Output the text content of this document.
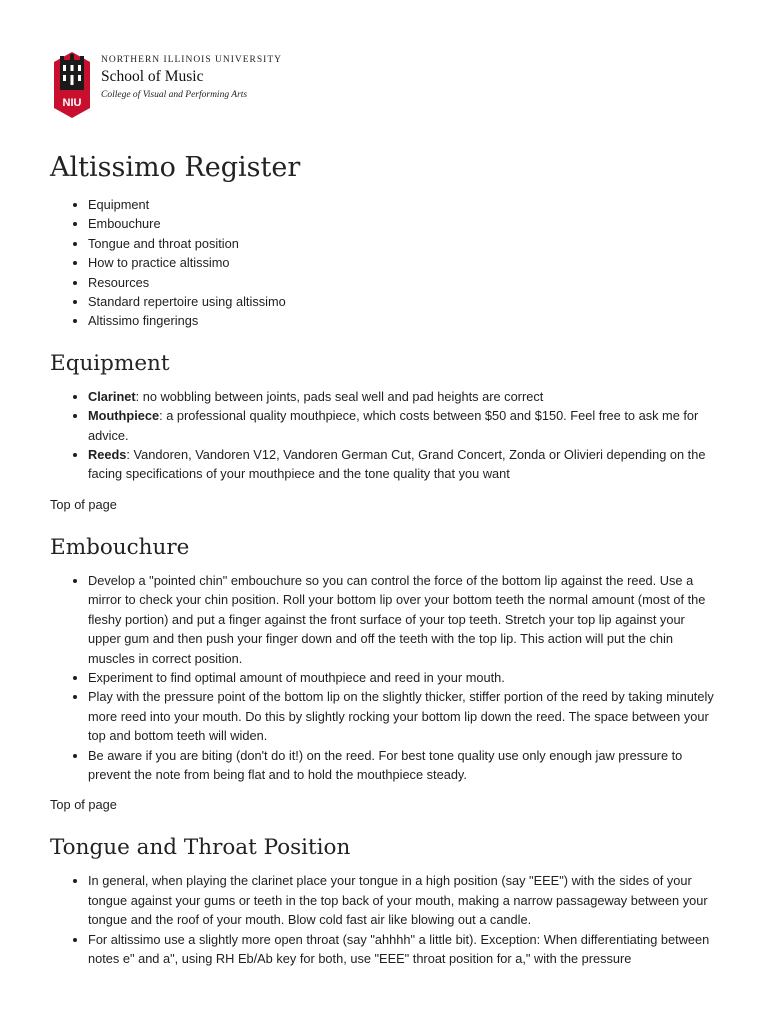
NIU
NORTHERN ILLINOIS UNIVERSITY
School of Music
College of Visual and Performing Arts
Altissimo Register
• Equipment
• Embouchure
• Tongue and throat position
• How to practice altissimo
• Resources
• Standard repertoire using altissimo
• Altissimo fingerings
Equipment
• Clarinet: no wobbling between joints, pads seal well and pad heights are correct
• Mouthpiece: a professional quality mouthpiece, which costs between $50 and $150. Feel free to ask me for advice.
• Reeds: Vandoren, Vandoren V12, Vandoren German Cut, Grand Concert, Zonda or Olivieri depending on the facing specifications of your mouthpiece and the tone quality that you want
Top of page
Embouchure
• Develop a "pointed chin" embouchure so you can control the force of the bottom lip against the reed. Use a mirror to check your chin position. Roll your bottom lip over your bottom teeth the normal amount (most of the fleshy portion) and put a finger against the front surface of your top teeth. Stretch your top lip against your upper gum and then push your finger down and off the teeth with the top lip. This action will put the chin muscles in correct position.
• Experiment to find optimal amount of mouthpiece and reed in your mouth.
• Play with the pressure point of the bottom lip on the slightly thicker, stiffer portion of the reed by taking minutely more reed into your mouth. Do this by slightly rocking your bottom lip down the reed. The space between your top and bottom teeth will widen.
• Be aware if you are biting (don't do it!) on the reed. For best tone quality use only enough jaw pressure to prevent the note from being flat and to hold the mouthpiece steady.
Top of page
Tongue and Throat Position
• In general, when playing the clarinet place your tongue in a high position (say "EEE") with the sides of your tongue against your gums or teeth in the top back of your mouth, making a narrow passageway between your tongue and the roof of your mouth. Blow cold fast air like blowing out a candle.
• For altissimo use a slightly more open throat (say "ahhhh" a little bit). Exception: When differentiating between notes e" and a", using RH Eb/Ab key for both, use "EEE" throat position for a," with the pressure
